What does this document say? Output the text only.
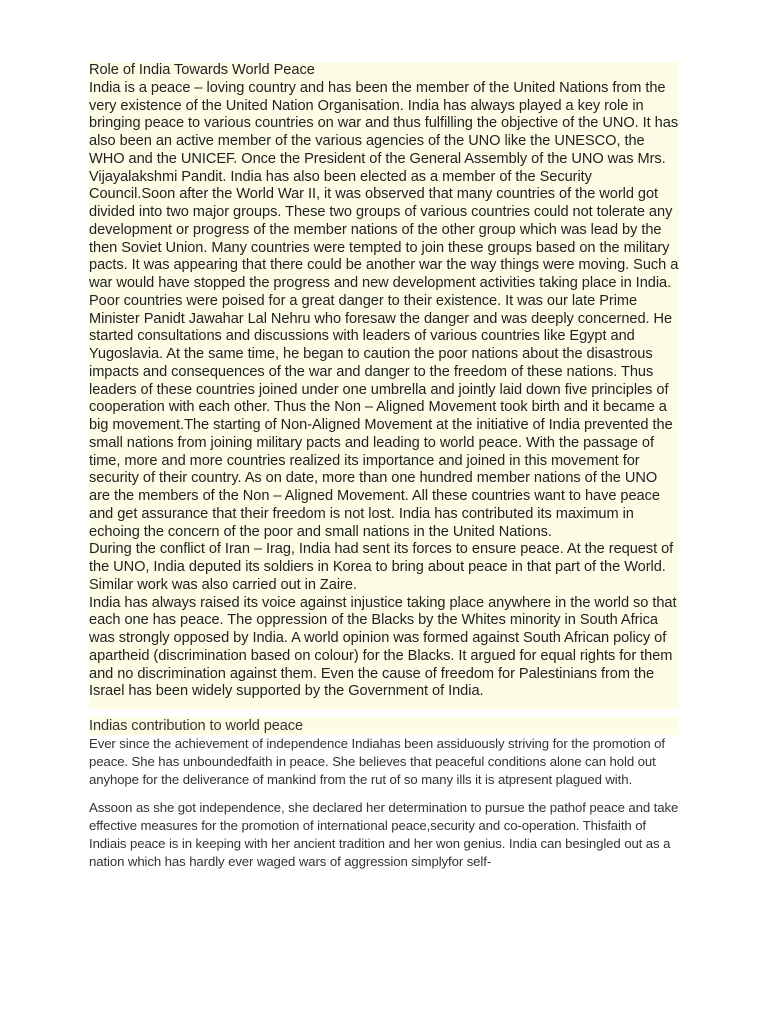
Role of India Towards World Peace

India is a peace – loving country and has been the member of the United Nations from the very existence of the United Nation Organisation. India has always played a key role in bringing peace to various countries on war and thus fulfilling the objective of the UNO. It has also been an active member of the various agencies of the UNO like the UNESCO, the WHO and the UNICEF. Once the President of the General Assembly of the UNO was Mrs. Vijayalakshmi Pandit. India has also been elected as a member of the Security Council.Soon after the World War II, it was observed that many countries of the world got divided into two major groups. These two groups of various countries could not tolerate any development or progress of the member nations of the other group which was lead by the then Soviet Union. Many countries were tempted to join these groups based on the military pacts. It was appearing that there could be another war the way things were moving. Such a war would have stopped the progress and new development activities taking place in India. Poor countries were poised for a great danger to their existence. It was our late Prime Minister Panidt Jawahar Lal Nehru who foresaw the danger and was deeply concerned. He started consultations and discussions with leaders of various countries like Egypt and Yugoslavia. At the same time, he began to caution the poor nations about the disastrous impacts and consequences of the war and danger to the freedom of these nations. Thus leaders of these countries joined under one umbrella and jointly laid down five principles of cooperation with each other. Thus the Non – Aligned Movement took birth and it became a big movement.The starting of Non-Aligned Movement at the initiative of India prevented the small nations from joining military pacts and leading to world peace. With the passage of time, more and more countries realized its importance and joined in this movement for security of their country. As on date, more than one hundred member nations of the UNO are the members of the Non – Aligned Movement. All these countries want to have peace and get assurance that their freedom is not lost. India has contributed its maximum in echoing the concern of the poor and small nations in the United Nations.

During the conflict of Iran – Irag, India had sent its forces to ensure peace. At the request of the UNO, India deputed its soldiers in Korea to bring about peace in that part of the World. Similar work was also carried out in Zaire.

India has always raised its voice against injustice taking place anywhere in the world so that each one has peace. The oppression of the Blacks by the Whites minority in South Africa was strongly opposed by India. A world opinion was formed against South African policy of apartheid (discrimination based on colour) for the Blacks. It argued for equal rights for them and no discrimination against them. Even the cause of freedom for Palestinians from the Israel has been widely supported by the Government of India.

Indias contribution to world peace

Ever since the achievement of independence Indiahas been assiduously striving for the promotion of peace. She has unboundedfaith in peace. She believes that peaceful conditions alone can hold out anyhope for the deliverance of mankind from the rut of so many ills it is atpresent plagued with.

Assoon as she got independence, she declared her determination to pursue the pathof peace and take effective measures for the promotion of international peace,security and co-operation. Thisfaith of Indiais peace is in keeping with her ancient tradition and her won genius. India can besingled out as a nation which has hardly ever waged wars of aggression simplyfor self-
